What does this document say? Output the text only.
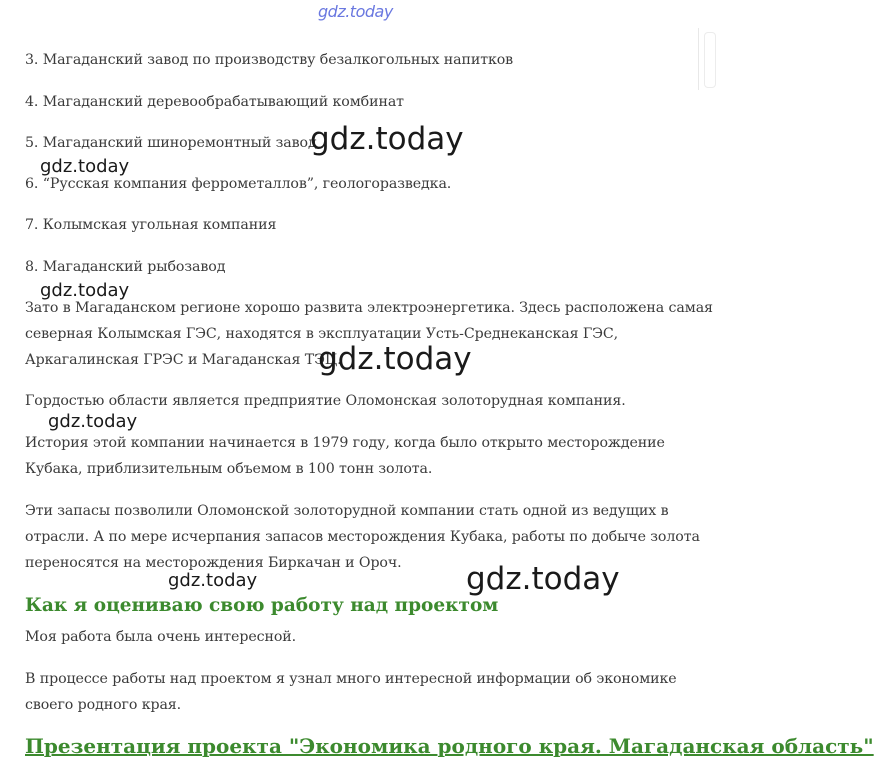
gdz.today
3. Магаданский завод по производству безалкогольных напитков
4. Магаданский деревообрабатывающий комбинат
5. Магаданский шиноремонтный завод
6. “Русская компания феррометаллов”, геологоразведка.
7. Колымская угольная компания
8. Магаданский рыбозавод
Зато в Магаданском регионе хорошо развита электроэнергетика. Здесь расположена самая
северная Колымская ГЭС, находятся в эксплуатации Усть-Среднеканская ГЭС,
Аркагалинская ГРЭС и Магаданская ТЭЦ.
Гордостью области является предприятие Оломонская золоторудная компания.
История этой компании начинается в 1979 году, когда было открыто месторождение
Кубака, приблизительным объемом в 100 тонн золота.
Эти запасы позволили Оломонской золоторудной компании стать одной из ведущих в
отрасли. А по мере исчерпания запасов месторождения Кубака, работы по добыче золота
переносятся на месторождения Биркачан и Ороч.
Как я оцениваю свою работу над проектом
Моя работа была очень интересной.
В процессе работы над проектом я узнал много интересной информации об экономике
своего родного края.
Презентация проекта "Экономика родного края. Магаданская область"
gdz.today
gdz.today
gdz.today
gdz.today
gdz.today
gdz.today	gdz.today
